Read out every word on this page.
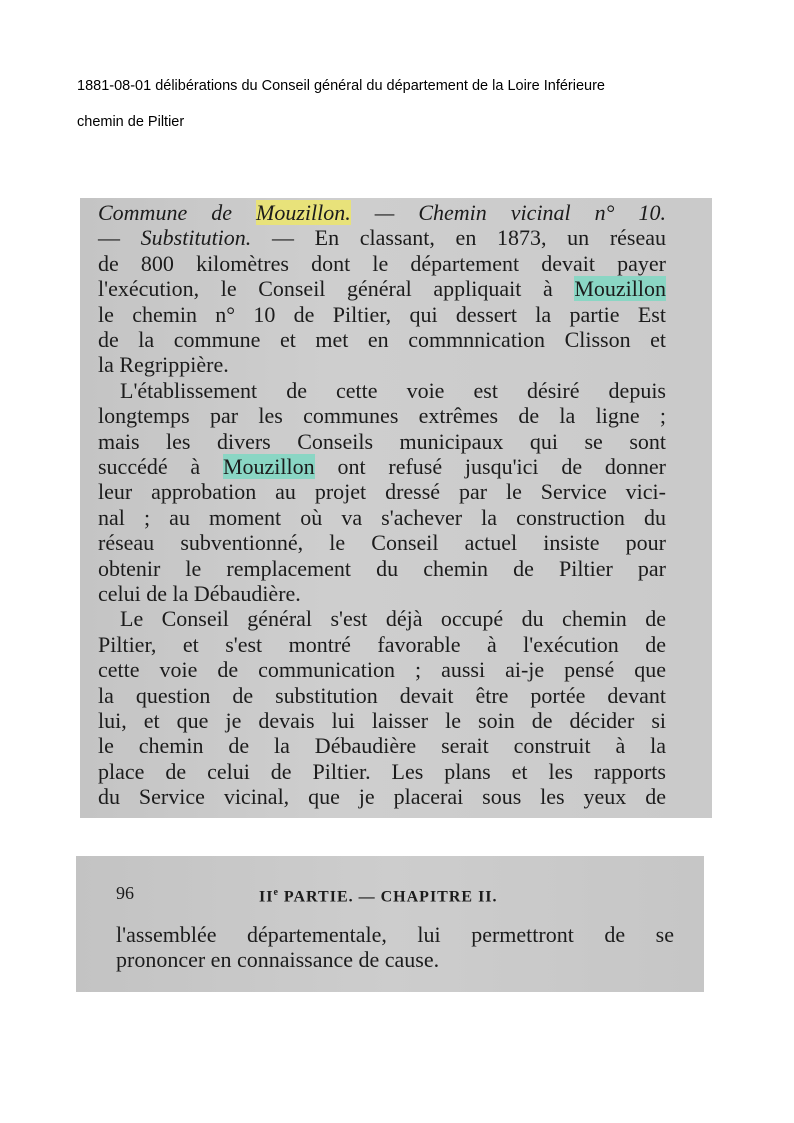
1881-08-01 délibérations du Conseil général du département de la Loire Inférieure
chemin de Piltier
Commune de Mouzillon. — Chemin vicinal n° 10.
— Substitution. — En classant, en 1873, un réseau
de 800 kilomètres dont le département devait payer
l'exécution, le Conseil général appliquait à Mouzillon
le chemin n° 10 de Piltier, qui dessert la partie Est
de la commune et met en commnnication Clisson et
la Regrippière.
L'établissement de cette voie est désiré depuis
longtemps par les communes extrêmes de la ligne ;
mais les divers Conseils municipaux qui se sont
succédé à Mouzillon ont refusé jusqu'ici de donner
leur approbation au projet dressé par le Service vici-
nal ; au moment où va s'achever la construction du
réseau subventionné, le Conseil actuel insiste pour
obtenir le remplacement du chemin de Piltier par
celui de la Débaudière.
Le Conseil général s'est déjà occupé du chemin de
Piltier, et s'est montré favorable à l'exécution de
cette voie de communication ; aussi ai-je pensé que
la question de substitution devait être portée devant
lui, et que je devais lui laisser le soin de décider si
le chemin de la Débaudière serait construit à la
place de celui de Piltier. Les plans et les rapports
du Service vicinal, que je placerai sous les yeux de
96	IIe PARTIE. — CHAPITRE II.
l'assemblée départementale, lui permettront de se
prononcer en connaissance de cause.
